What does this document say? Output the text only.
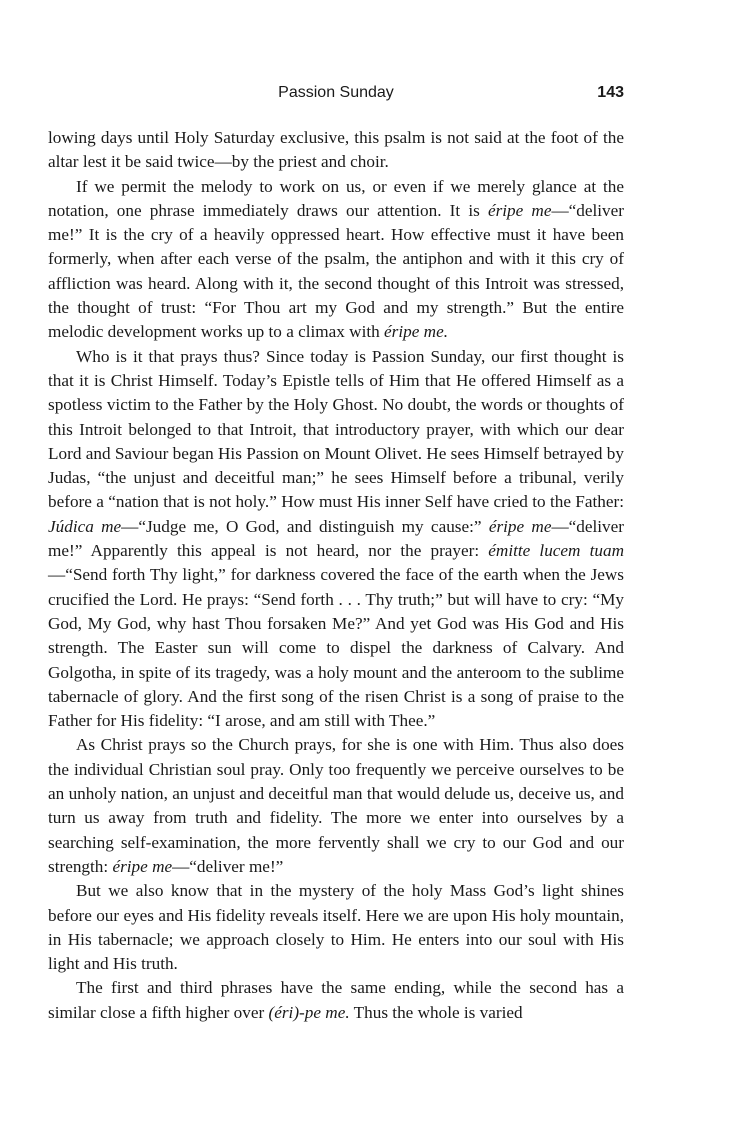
Passion Sunday	143

lowing days until Holy Saturday exclusive, this psalm is not said at the foot of the altar lest it be said twice—by the priest and choir.

If we permit the melody to work on us, or even if we merely glance at the notation, one phrase immediately draws our attention. It is éripe me—“deliver me!” It is the cry of a heavily oppressed heart. How effective must it have been formerly, when after each verse of the psalm, the antiphon and with it this cry of affliction was heard. Along with it, the second thought of this Introit was stressed, the thought of trust: “For Thou art my God and my strength.” But the entire melodic development works up to a climax with éripe me.

Who is it that prays thus? Since today is Passion Sunday, our first thought is that it is Christ Himself. Today’s Epistle tells of Him that He offered Himself as a spotless victim to the Father by the Holy Ghost. No doubt, the words or thoughts of this Introit belonged to that Introit, that introductory prayer, with which our dear Lord and Saviour began His Passion on Mount Olivet. He sees Himself betrayed by Judas, “the unjust and deceitful man;” he sees Himself before a tribunal, verily before a “nation that is not holy.” How must His inner Self have cried to the Father: Júdica me—“Judge me, O God, and distinguish my cause:” éripe me—“deliver me!” Apparently this appeal is not heard, nor the prayer: émitte lucem tuam—“Send forth Thy light,” for darkness covered the face of the earth when the Jews crucified the Lord. He prays: “Send forth . . . Thy truth;” but will have to cry: “My God, My God, why hast Thou forsaken Me?” And yet God was His God and His strength. The Easter sun will come to dispel the darkness of Calvary. And Golgotha, in spite of its tragedy, was a holy mount and the anteroom to the sublime tabernacle of glory. And the first song of the risen Christ is a song of praise to the Father for His fidelity: “I arose, and am still with Thee.”

As Christ prays so the Church prays, for she is one with Him. Thus also does the individual Christian soul pray. Only too frequently we perceive ourselves to be an unholy nation, an unjust and deceitful man that would delude us, deceive us, and turn us away from truth and fidelity. The more we enter into ourselves by a searching self-examination, the more fervently shall we cry to our God and our strength: éripe me—“deliver me!”

But we also know that in the mystery of the holy Mass God’s light shines before our eyes and His fidelity reveals itself. Here we are upon His holy mountain, in His tabernacle; we approach closely to Him. He enters into our soul with His light and His truth.

The first and third phrases have the same ending, while the second has a similar close a fifth higher over (éri)-pe me. Thus the whole is varied
